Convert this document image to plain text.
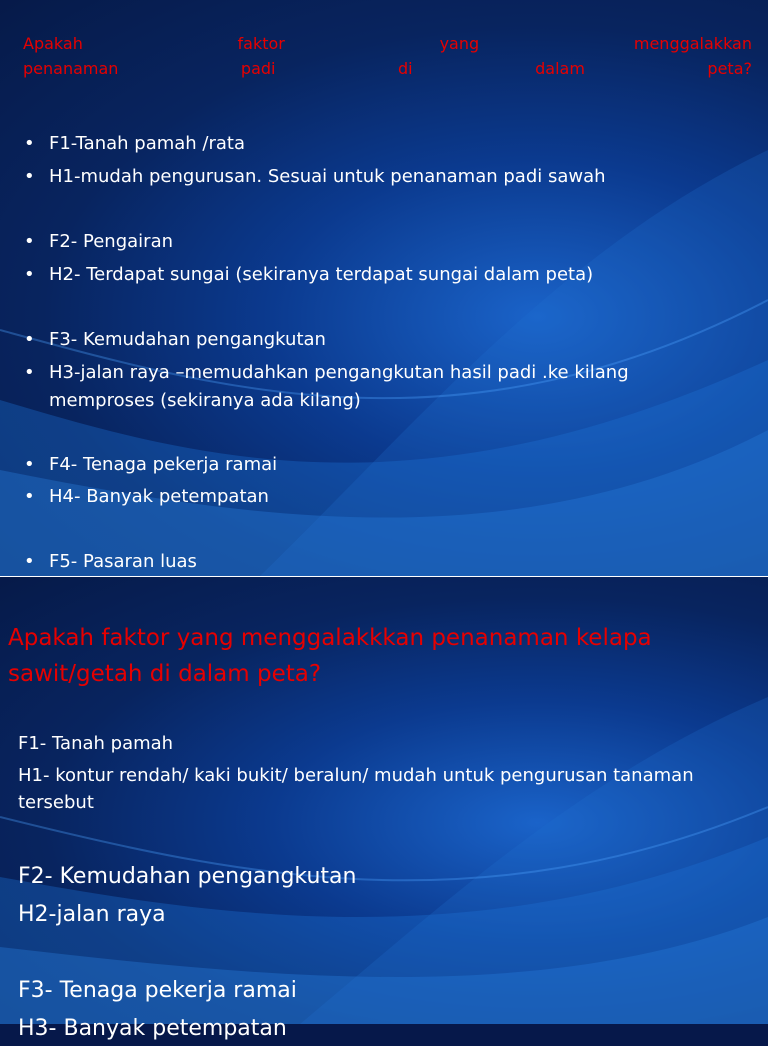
Apakah faktor yang menggalakkan
penanaman padi di dalam peta?
• F1-Tanah pamah /rata
• H1-mudah pengurusan. Sesuai untuk penanaman padi sawah
• F2- Pengairan
• H2- Terdapat sungai (sekiranya terdapat sungai dalam peta)
• F3- Kemudahan pengangkutan
• H3-jalan raya –memudahkan pengangkutan hasil padi .ke kilang
memproses (sekiranya ada kilang)
• F4- Tenaga pekerja ramai
• H4- Banyak petempatan
• F5- Pasaran luas
Apakah faktor yang menggalakkkan penanaman kelapa
sawit/getah di dalam peta?
F1- Tanah pamah
H1- kontur rendah/ kaki bukit/ beralun/ mudah untuk pengurusan tanaman
tersebut
F2- Kemudahan pengangkutan
H2-jalan raya
F3- Tenaga pekerja ramai
H3- Banyak petempatan
